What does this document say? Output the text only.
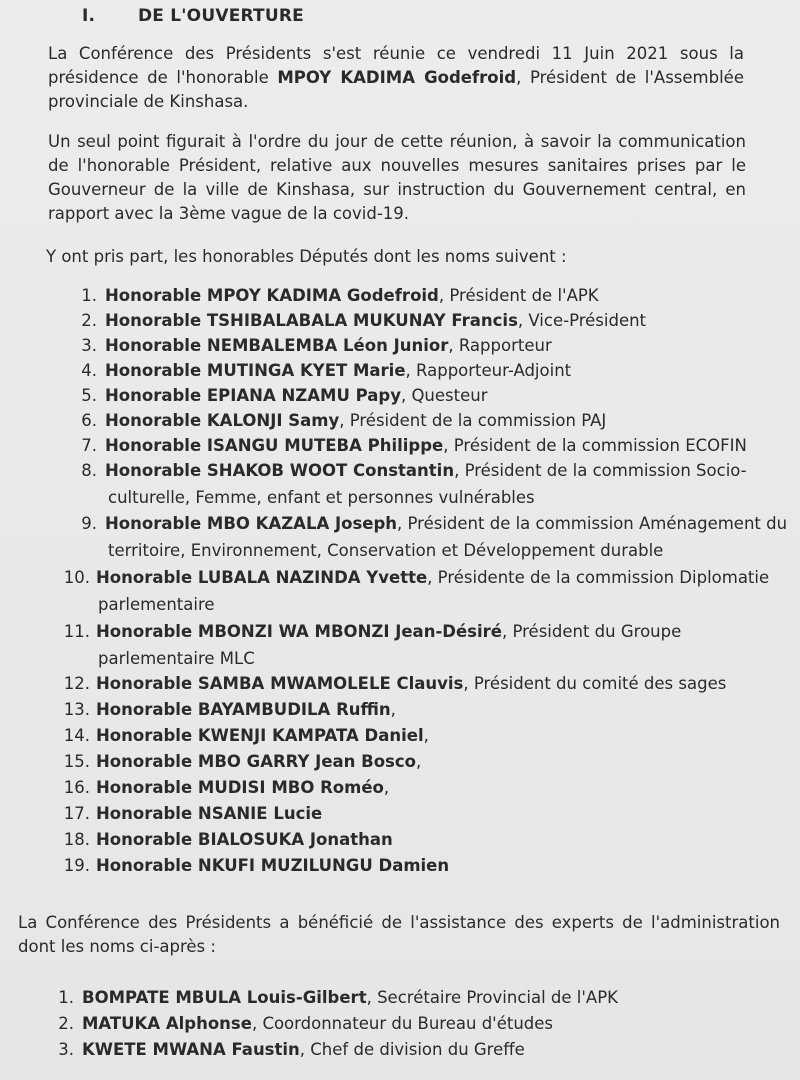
I.	DE L'OUVERTURE

La Conférence des Présidents s'est réunie ce vendredi 11 Juin 2021 sous la présidence de l'honorable MPOY KADIMA Godefroid, Président de l'Assemblée provinciale de Kinshasa.

Un seul point figurait à l'ordre du jour de cette réunion, à savoir la communication de l'honorable Président, relative aux nouvelles mesures sanitaires prises par le Gouverneur de la ville de Kinshasa, sur instruction du Gouvernement central, en rapport avec la 3ème vague de la covid-19.

Y ont pris part, les honorables Députés dont les noms suivent :

1. Honorable MPOY KADIMA Godefroid, Président de l'APK
2. Honorable TSHIBALABALA MUKUNAY Francis, Vice-Président
3. Honorable NEMBALEMBA Léon Junior, Rapporteur
4. Honorable MUTINGA KYET Marie, Rapporteur-Adjoint
5. Honorable EPIANA NZAMU Papy, Questeur
6. Honorable KALONJI Samy, Président de la commission PAJ
7. Honorable ISANGU MUTEBA Philippe, Président de la commission ECOFIN
8. Honorable SHAKOB WOOT Constantin, Président de la commission Socio-
culturelle, Femme, enfant et personnes vulnérables
9. Honorable MBO KAZALA Joseph, Président de la commission Aménagement du
territoire, Environnement, Conservation et Développement durable
10. Honorable LUBALA NAZINDA Yvette, Présidente de la commission Diplomatie
parlementaire
11. Honorable MBONZI WA MBONZI Jean-Désiré, Président du Groupe
parlementaire MLC
12. Honorable SAMBA MWAMOLELE Clauvis, Président du comité des sages
13. Honorable BAYAMBUDILA Ruffin,
14. Honorable KWENJI KAMPATA Daniel,
15. Honorable MBO GARRY Jean Bosco,
16. Honorable MUDISI MBO Roméo,
17. Honorable NSANIE Lucie
18. Honorable BIALOSUKA Jonathan
19. Honorable NKUFI MUZILUNGU Damien

La Conférence des Présidents a bénéficié de l'assistance des experts de l'administration dont les noms ci-après :

1. BOMPATE MBULA Louis-Gilbert, Secrétaire Provincial de l'APK
2. MATUKA Alphonse, Coordonnateur du Bureau d'études
3. KWETE MWANA Faustin, Chef de division du Greffe
